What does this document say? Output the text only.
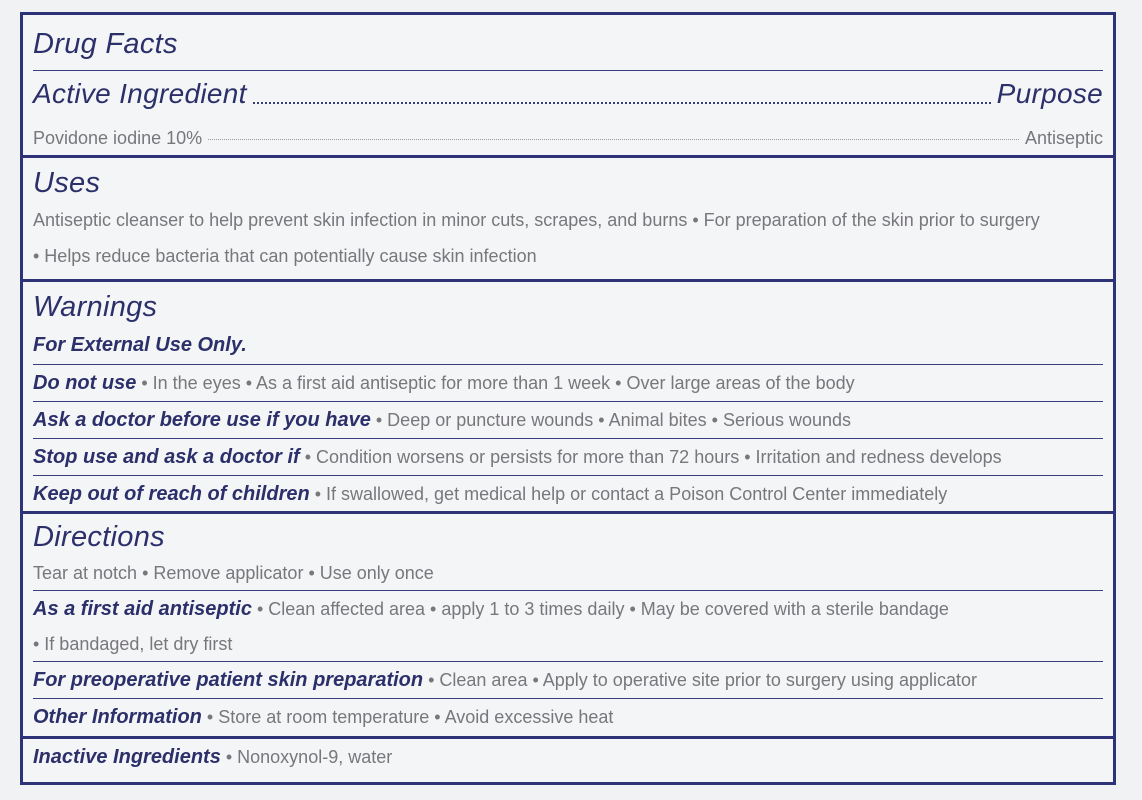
Drug Facts
Active Ingredient	Purpose
Povidone iodine 10%	Antiseptic
Uses
Antiseptic cleanser to help prevent skin infection in minor cuts, scrapes, and burns • For preparation of the skin prior to surgery
• Helps reduce bacteria that can potentially cause skin infection
Warnings
For External Use Only.
Do not use • In the eyes • As a first aid antiseptic for more than 1 week • Over large areas of the body
Ask a doctor before use if you have • Deep or puncture wounds • Animal bites • Serious wounds
Stop use and ask a doctor if • Condition worsens or persists for more than 72 hours • Irritation and redness develops
Keep out of reach of children • If swallowed, get medical help or contact a Poison Control Center immediately
Directions
Tear at notch • Remove applicator • Use only once
As a first aid antiseptic • Clean affected area • apply 1 to 3 times daily • May be covered with a sterile bandage
• If bandaged, let dry first
For preoperative patient skin preparation • Clean area • Apply to operative site prior to surgery using applicator
Other Information • Store at room temperature • Avoid excessive heat
Inactive Ingredients • Nonoxynol-9, water
